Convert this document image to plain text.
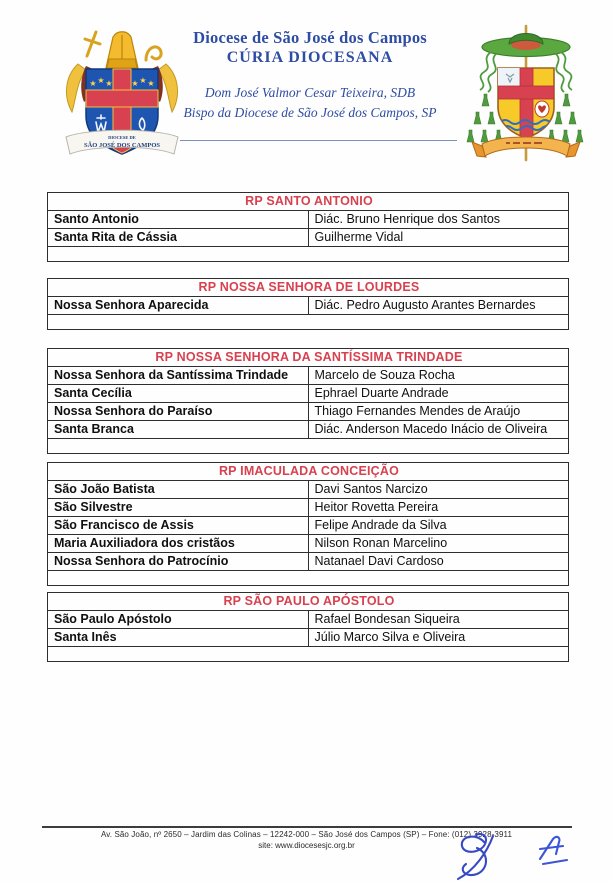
★ ★ ★ ★ ★ ★
DIOCESE DE
SÃO JOSÉ DOS CAMPOS
Diocese de São José dos Campos
CÚRIA DIOCESANA
Dom José Valmor Cesar Teixeira, SDB
Bispo da Diocese de São José dos Campos, SP
RP SANTO ANTONIO	
Santo Antonio	Diác. Bruno Henrique dos Santos
Santa Rita de Cássia	Guilherme Vidal

RP NOSSA SENHORA DE LOURDES
Nossa Senhora Aparecida	Diác. Pedro Augusto Arantes Bernardes

RP NOSSA SENHORA DA SANTÍSSIMA TRINDADE	
Nossa Senhora da Santíssima Trindade	Marcelo de Souza Rocha
Santa Cecília	Ephrael Duarte Andrade
Nossa Senhora do Paraíso	Thiago Fernandes Mendes de Araújo
Santa Branca	Diác. Anderson Macedo Inácio de Oliveira

RP IMACULADA CONCEIÇÃO	
São João Batista	Davi Santos Narcizo
São Silvestre	Heitor Rovetta Pereira
São Francisco de Assis	Felipe Andrade da Silva
Maria Auxiliadora dos cristãos	Nilson Ronan Marcelino
Nossa Senhora do Patrocínio	Natanael Davi Cardoso

RP SÃO PAULO APÓSTOLO	
São Paulo Apóstolo	Rafael Bondesan Siqueira
Santa Inês	Júlio Marco Silva e Oliveira

Av. São João, nº 2650 – Jardim das Colinas – 12242-000 – São José dos Campos (SP) – Fone: (012) 3928-3911
site: www.diocesesjc.org.br
